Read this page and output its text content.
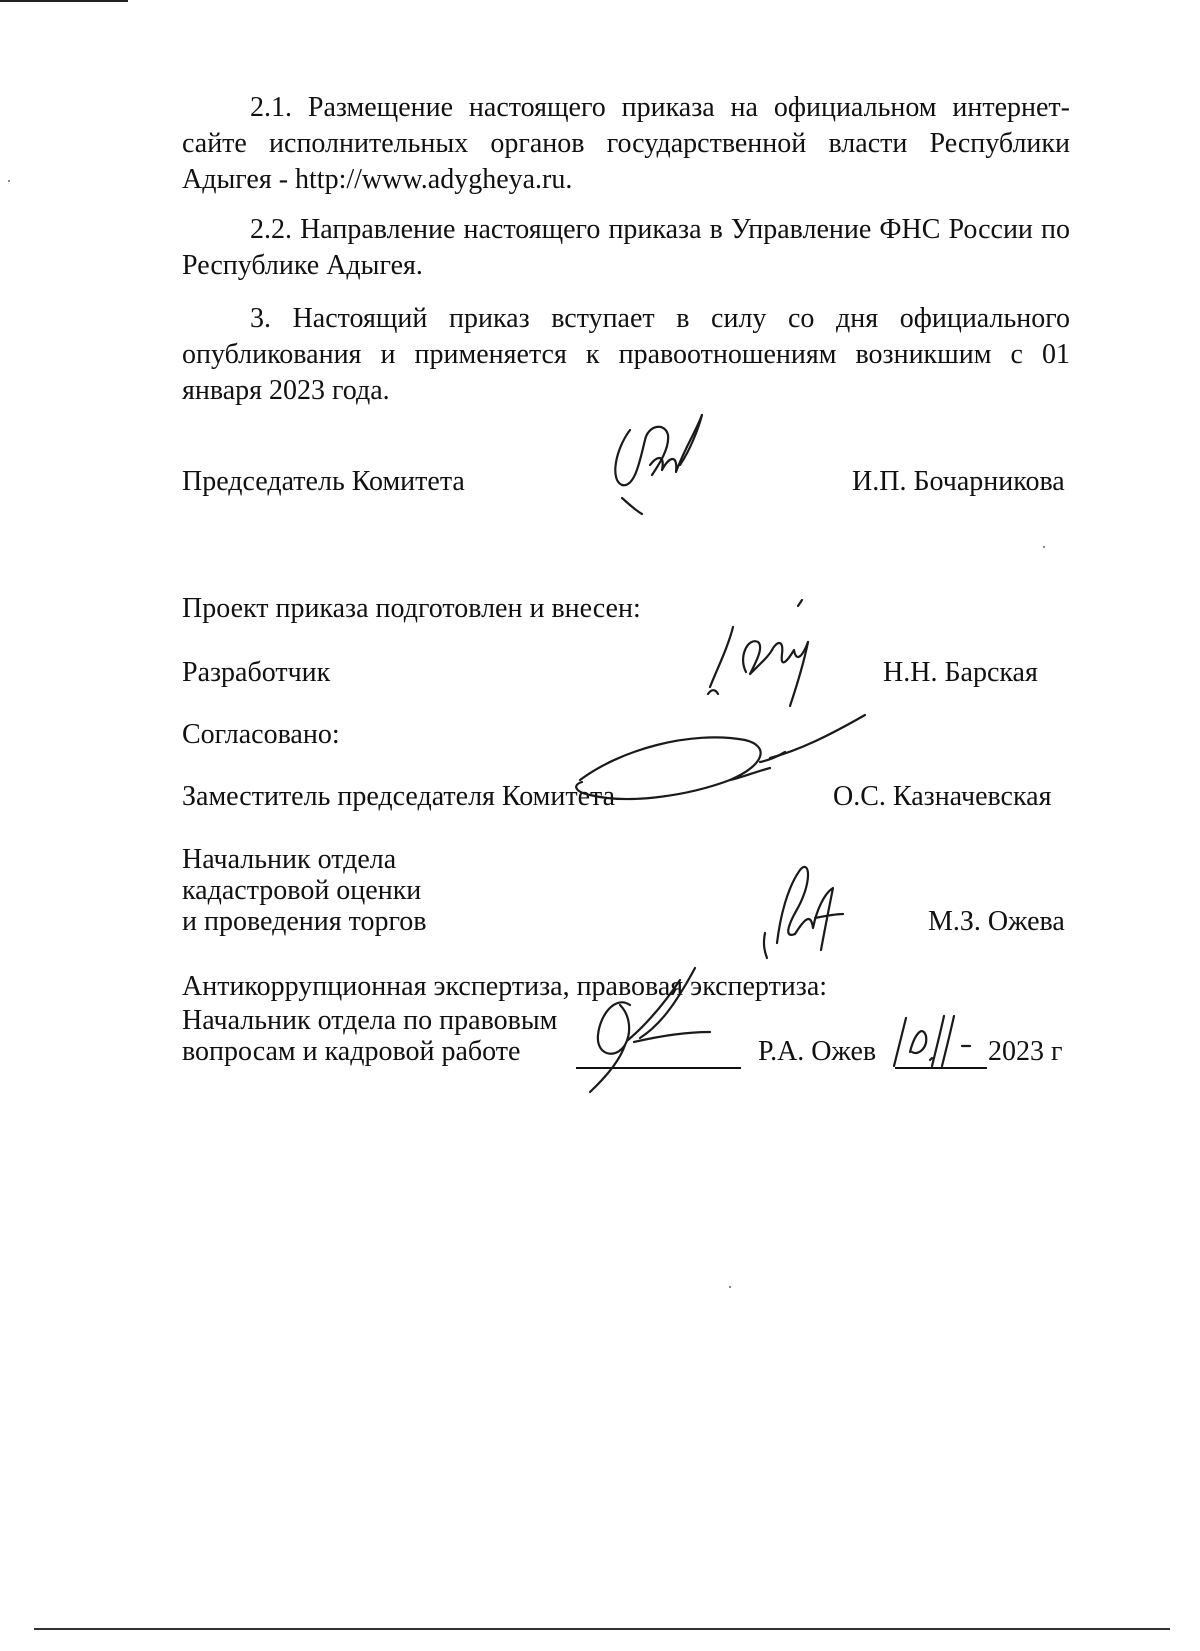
2.1. Размещение настоящего приказа на официальном интернет-сайте исполнительных органов государственной власти Республики Адыгея - http://www.adygheya.ru.
2.2. Направление настоящего приказа в Управление ФНС России по Республике Адыгея.
3. Настоящий приказ вступает в силу со дня официального опубликования и применяется к правоотношениям возникшим с 01 января 2023 года.
Председатель Комитета	И.П. Бочарникова
Проект приказа подготовлен и внесен:
Разработчик	Н.Н. Барская
Согласовано:
Заместитель председателя Комитета	О.С. Казначевская
Начальник отдела
кадастровой оценки
и проведения торгов	М.З. Ожева
Антикоррупционная экспертиза, правовая экспертиза:
Начальник отдела по правовым
вопросам и кадровой работе	Р.А. Ожев	2023 г
